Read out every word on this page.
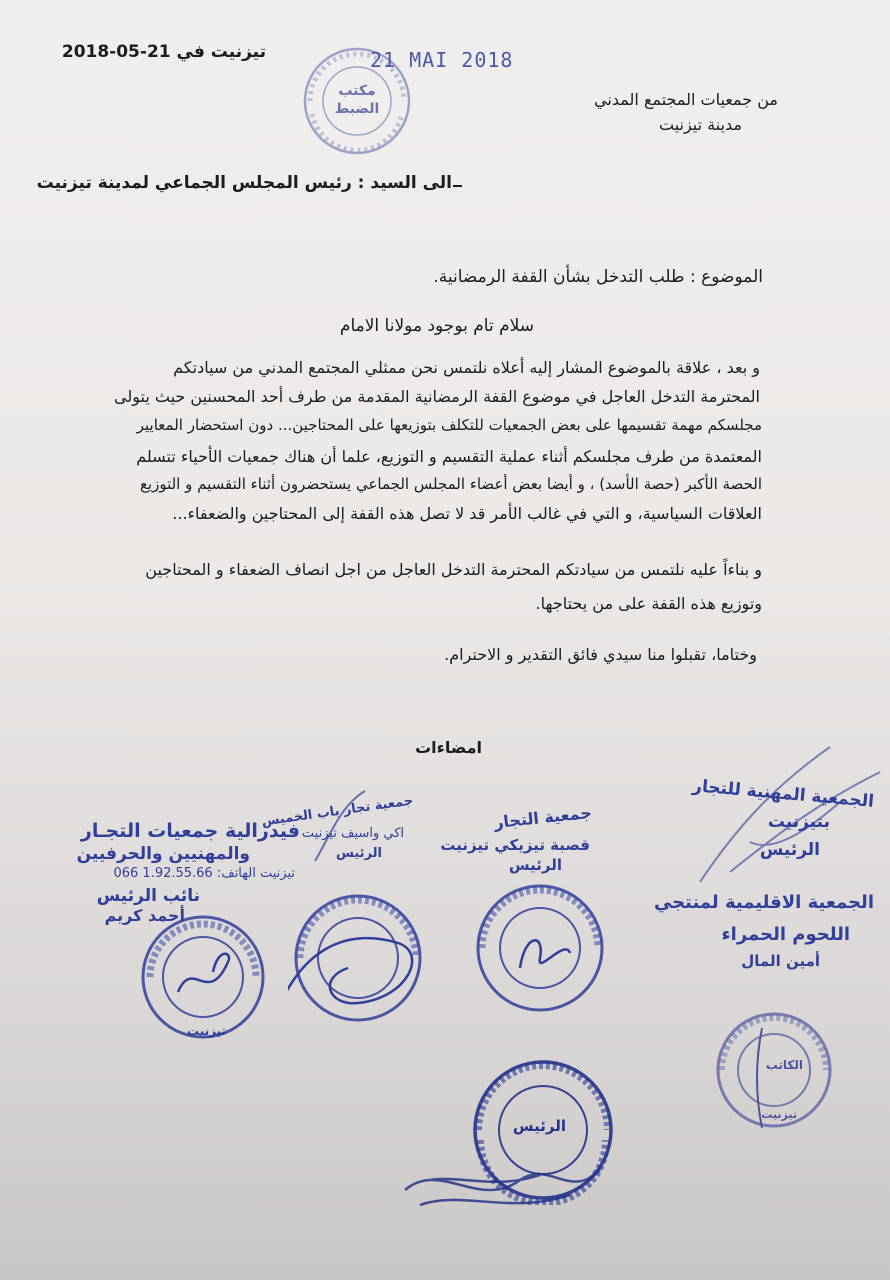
تيزنيت في 2018-05-21
مكتب الضبط
21 MAI 2018
من جمعيات المجتمع المدني
مدينة تيزنيت
الى السيد : رئيس المجلس الجماعي لمدينة تيزنيت
الموضوع : طلب التدخل بشأن القفة الرمضانية.
سلام تام بوجود مولانا الامام
و بعد ، علاقة بالموضوع المشار إليه أعلاه نلتمس نحن ممثلي المجتمع المدني من سيادتكم
المحترمة التدخل العاجل في موضوع القفة الرمضانية المقدمة من طرف أحد المحسنين حيث يتولى
مجلسكم مهمة تقسيمها على بعض الجمعيات للتكلف بتوزيعها على المحتاجين... دون استحضار المعايير
المعتمدة من طرف مجلسكم أثناء عملية التقسيم و التوزيع، علما أن هناك جمعيات الأحياء تتسلم
الحصة الأكبر (حصة الأسد) ، و أيضا بعض أعضاء المجلس الجماعي يستحضرون أثناء التقسيم و التوزيع
العلاقات السياسية، و التي في غالب الأمر قد لا تصل هذه القفة إلى المحتاجين والضعفاء...
و بناءاً عليه نلتمس من سيادتكم المحترمة التدخل العاجل من اجل انصاف الضعفاء و المحتاجين
وتوزيع هذه القفة على من يحتاجها.
وختاما، تقبلوا منا سيدي فائق التقدير و الاحترام.
امضاءات
فيدرالية جمعيات التجـار
والمهنيين والحرفيين
066 1.92.55.66 :تيزنيت الهاتف
نائب الرئيس
أحمد كريم
جمعية تجار باب الخميس
اكي واسيف تيزنيت
الرئيس
جمعية التجار
قصبة تيزيكي تيزنيت
الرئيس
الجمعية المهنية للتجار
بتيزنيت
الرئيس
الجمعية الاقليمية لمنتجي
اللحوم الحمراء
أمين المال
تيزنيت
الكاتب
تيزنيت
الرئيس
